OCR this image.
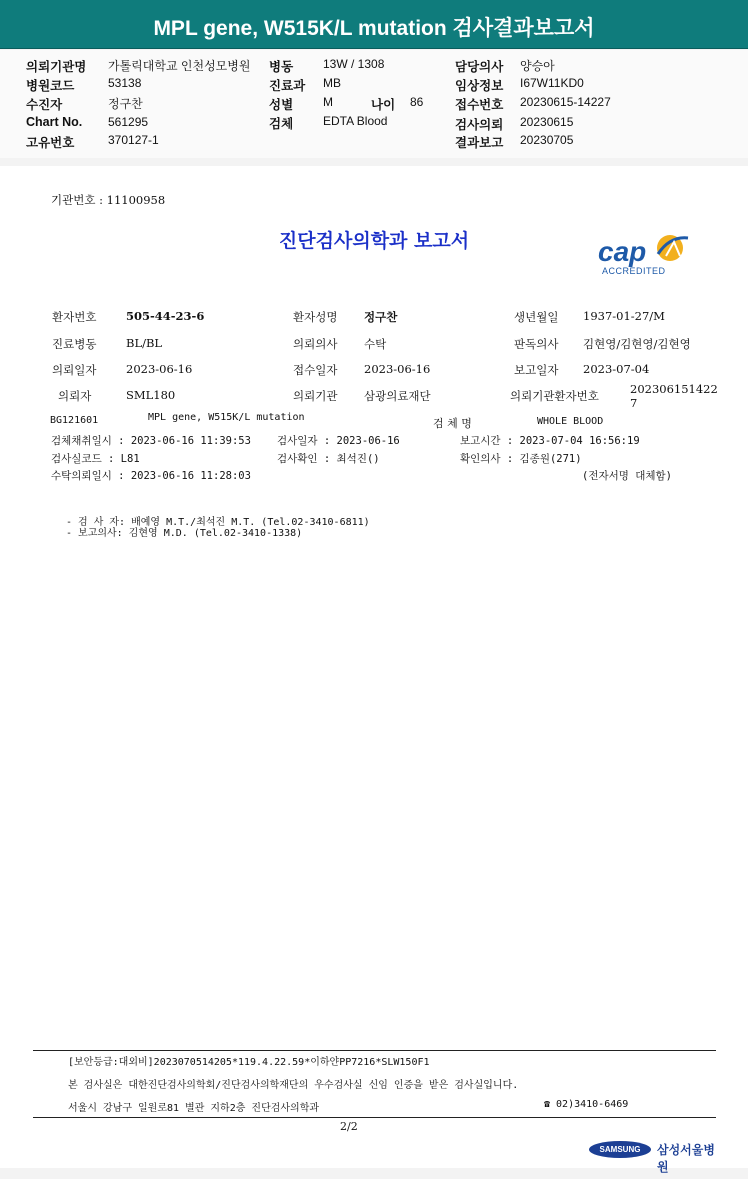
MPL gene, W515K/L mutation 검사결과보고서
의뢰기관명 가톨릭대학교 인천성모병원 병동 13W / 1308	담당의사 양승아
병원코드	53138	진료과 MB	임상정보 I67W11KD0
수진자	정구찬	성별 M	나이 86	접수번호 20230615-14227
Chart No. 561295	검체 EDTA Blood	검사의뢰 20230615
고유번호	370127-1	결과보고 20230705
기관번호 : 11100958
진단검사의학과 보고서	cap
ACCREDITED
환자번호	505-44-23-6	환자성명 정구찬	생년월일 1937-01-27/M
진료병동	BL/BL	의뢰의사 수탁	판독의사 김현영/김현영/김현영
의뢰일자	2023-06-16	접수일자 2023-06-16	보고일자 2023-07-04
의뢰자	SML180	의뢰기관 삼광의료재단	의뢰기관환자번호	202306151422
7
BG121601	MPL gene, W515K/L mutation	검 체 명	WHOLE BLOOD
검체채취일시 : 2023-06-16 11:39:53 검사일자 : 2023-06-16	보고시간 : 2023-07-04 16:56:19
검사실코드 : L81	검사확인 : 최석진()	확인의사 : 김종원(271)
수탁의뢰일시 : 2023-06-16 11:28:03	(전자서명 대체함)
- 검 사 자: 배예영 M.T./최석진 M.T. (Tel.02-3410-6811)
- 보고의사: 김현영 M.D. (Tel.02-3410-1338)
[보안등급:대외비]2023070514205*119.4.22.59*이하얀PP7216*SLW150F1
본 검사실은 대한진단검사의학회/진단검사의학재단의 우수검사실 신임 인증을 받은 검사실입니다.
서울시 강남구 일원로81 별관 지하2층 진단검사의학과	☎ 02)3410-6469
2/2
SAMSUNG	삼성서울병원
